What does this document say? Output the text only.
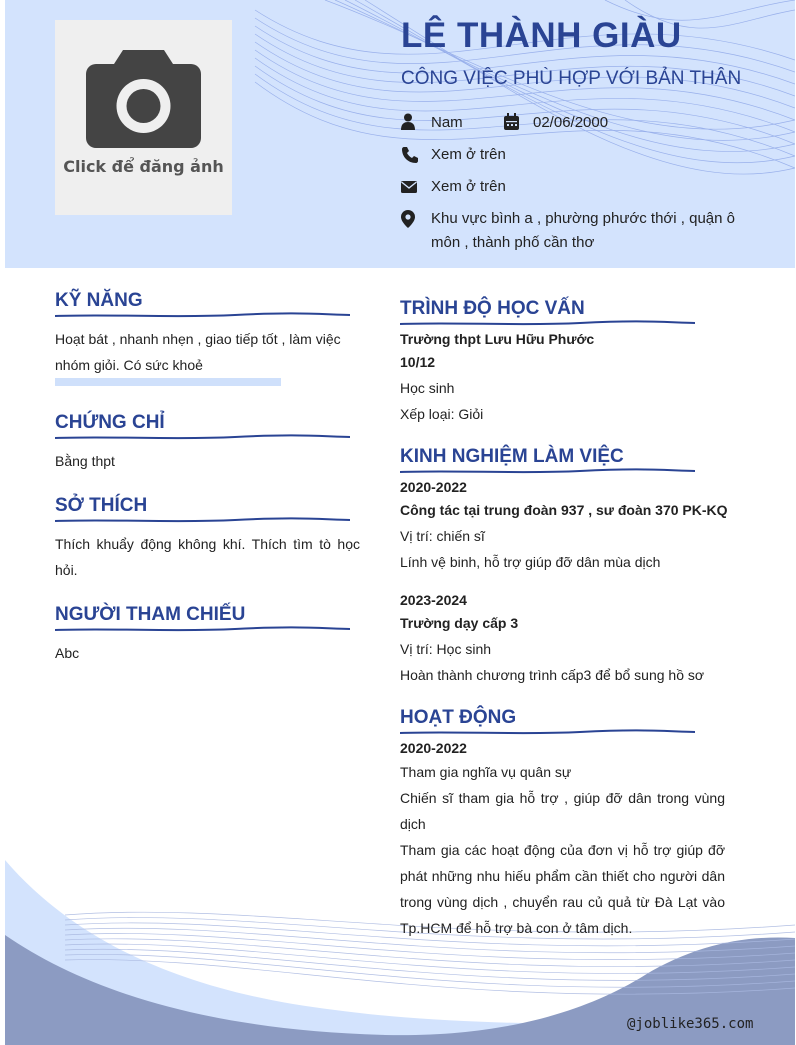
Click để đăng ảnh
LÊ THÀNH GIÀU
CÔNG VIỆC PHÙ HỢP VỚI BẢN THÂN
Nam	02/06/2000
Xem ở trên
Xem ở trên
Khu vực bình a , phường phước thới , quận ô
môn , thành phố cần thơ
KỸ NĂNG
Hoạt bát , nhanh nhẹn , giao tiếp tốt , làm việc
nhóm giỏi. Có sức khoẻ
CHỨNG CHỈ
Bằng thpt
SỞ THÍCH
Thích khuẩy động không khí. Thích tìm tò học
hỏi.
NGƯỜI THAM CHIẾU
Abc
TRÌNH ĐỘ HỌC VẤN
Trường thpt Lưu Hữu Phước
10/12
Học sinh
Xếp loại: Giỏi
KINH NGHIỆM LÀM VIỆC
2020-2022
Công tác tại trung đoàn 937 , sư đoàn 370 PK-KQ
Vị trí: chiến sĩ
Lính vệ binh, hỗ trợ giúp đỡ dân mùa dịch
2023-2024
Trường dạy cấp 3
Vị trí: Học sinh
Hoàn thành chương trình cấp3 để bổ sung hồ sơ
HOẠT ĐỘNG
2020-2022
Tham gia nghĩa vụ quân sự
Chiến sĩ tham gia hỗ trợ , giúp đỡ dân trong vùng
dịch
Tham gia các hoạt động của đơn vị hỗ trợ giúp đỡ
phát những nhu hiếu phẩm cần thiết cho người dân
trong vùng dịch , chuyển rau củ quả từ Đà Lạt vào
Tp.HCM để hỗ trợ bà con ở tâm dịch.
@joblike365.com
